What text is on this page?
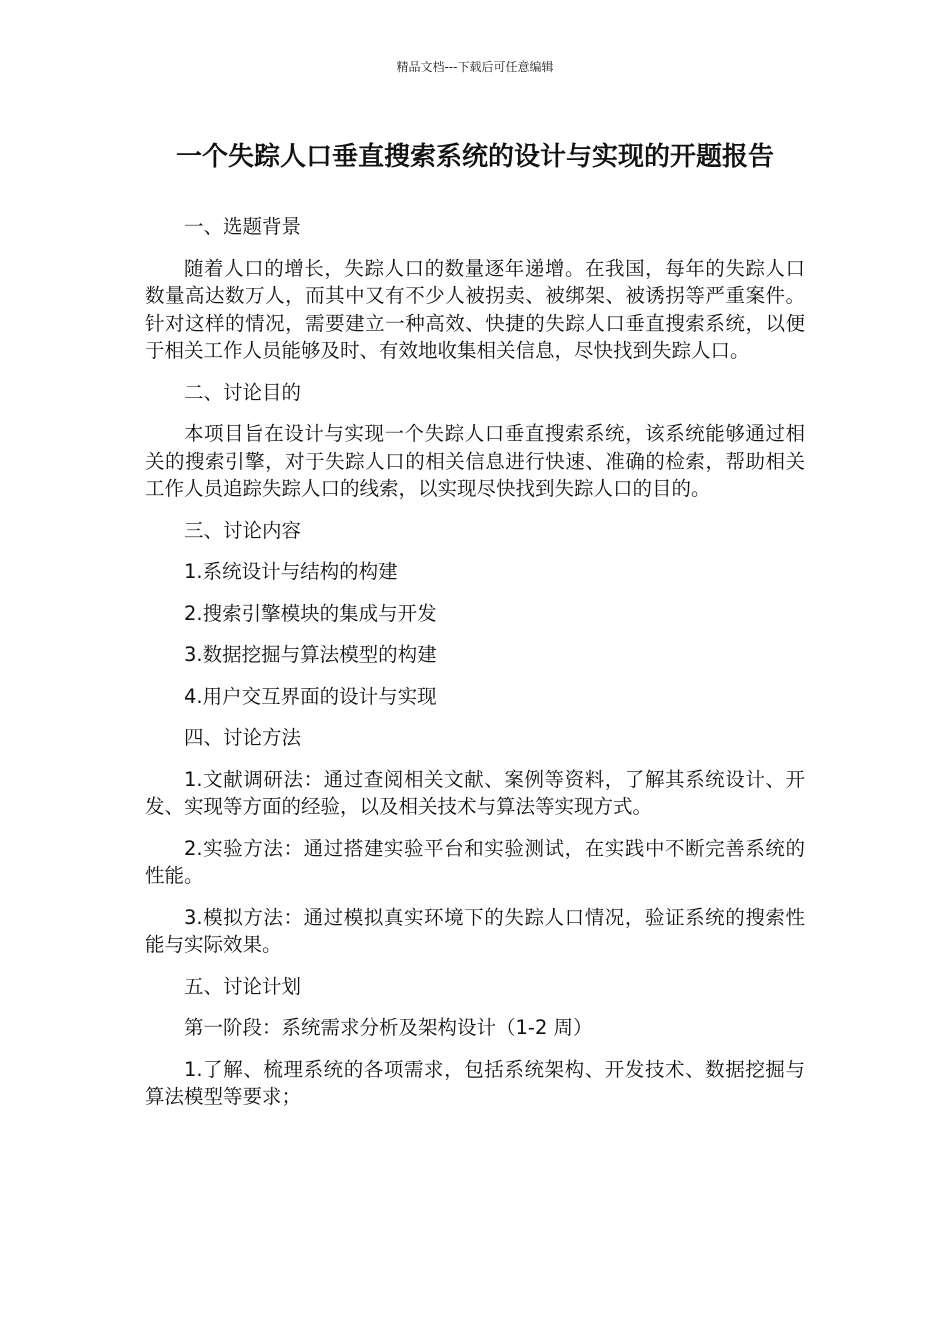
精品文档---下载后可任意编辑
一个失踪人口垂直搜索系统的设计与实现的开题报告

一、选题背景

随着人口的增长，失踪人口的数量逐年递增。在我国，每年的失踪人口数量高达数万人，而其中又有不少人被拐卖、被绑架、被诱拐等严重案件。针对这样的情况，需要建立一种高效、快捷的失踪人口垂直搜索系统，以便于相关工作人员能够及时、有效地收集相关信息，尽快找到失踪人口。

二、讨论目的

本项目旨在设计与实现一个失踪人口垂直搜索系统，该系统能够通过相关的搜索引擎，对于失踪人口的相关信息进行快速、准确的检索，帮助相关工作人员追踪失踪人口的线索，以实现尽快找到失踪人口的目的。

三、讨论内容

1.系统设计与结构的构建

2.搜索引擎模块的集成与开发

3.数据挖掘与算法模型的构建

4.用户交互界面的设计与实现

四、讨论方法

1.文献调研法：通过查阅相关文献、案例等资料，了解其系统设计、开发、实现等方面的经验，以及相关技术与算法等实现方式。

2.实验方法：通过搭建实验平台和实验测试，在实践中不断完善系统的性能。

3.模拟方法：通过模拟真实环境下的失踪人口情况，验证系统的搜索性能与实际效果。

五、讨论计划

第一阶段：系统需求分析及架构设计（1-2 周）

1.了解、梳理系统的各项需求，包括系统架构、开发技术、数据挖掘与算法模型等要求；
